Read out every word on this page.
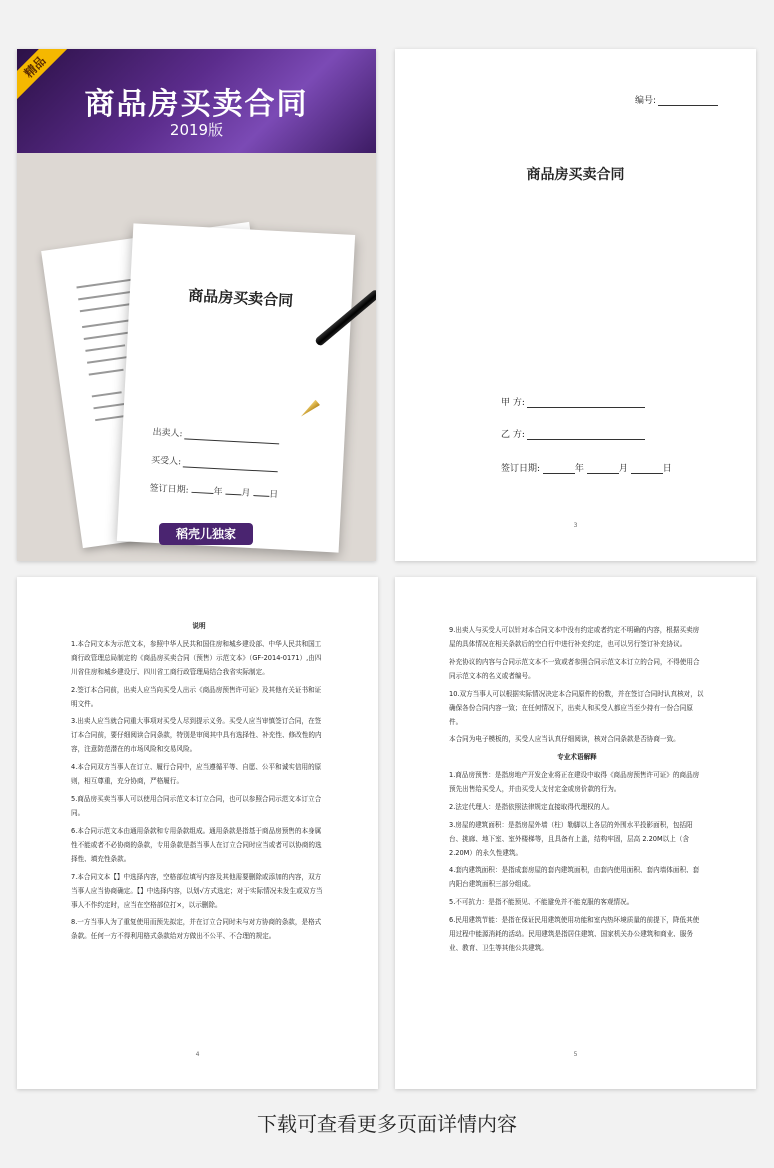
商品房买卖合同
2019版
精品
商品房买卖合同
出卖人:
买受人:
签订日期:	年 月 日
稻壳儿独家
编号:
商品房买卖合同
甲 方:
乙 方:
签订日期:	年	月	日
3

说明

1.本合同文本为示范文本，参照中华人民共和国住房和城乡建设部、中华人民共和国工商行政管理总局制定的《商品房买卖合同（预售）示范文本》（GF-2014-0171）,由四川省住房和城乡建设厅、四川省工商行政管理局结合我省实际制定。

2.签订本合同前，出卖人应当向买受人出示《商品房预售许可证》及其他有关证书和证明文件。

3.出卖人应当就合同重大事项对买受人尽到提示义务。买受人应当审慎签订合同，在签订本合同前，要仔细阅读合同条款，特别是审阅其中具有选择性、补充性、修改性的内容，注意防范潜在的市场风险和交易风险。

4.本合同双方当事人在订立、履行合同中，应当遵循平等、自愿、公平和诚实信用的原则，相互尊重，充分协商，严格履行。

5.商品房买卖当事人可以使用合同示范文本订立合同，也可以参照合同示范文本订立合同。

6.本合同示范文本由通用条款和专用条款组成。通用条款是指基于商品房预售的本身属性不能或者不必协商的条款，专用条款是指当事人在订立合同时应当或者可以协商的选择性、填充性条款。

7.本合同文本【】中选择内容，空格部位填写内容及其他需要删除或添加的内容，双方当事人应当协商确定。【】中选择内容，以划√方式选定；对于实际情况未发生或双方当事人不作约定时，应当在空格部位打×，以示删除。

8.一方当事人为了重复使用而预先拟定，并在订立合同时未与对方协商的条款，是格式条款。任何一方不得利用格式条款给对方做出不公平、不合理的规定。

4

9.出卖人与买受人可以针对本合同文本中没有约定或者约定不明确的内容，根据买卖房屋的具体情况在相关条款后的空白行中进行补充约定，也可以另行签订补充协议。

补充协议的内容与合同示范文本不一致或者参照合同示范文本订立的合同，不得使用合同示范文本的名义或者编号。

10.双方当事人可以根据实际情况决定本合同原件的份数，并在签订合同时认真核对，以确保各份合同内容一致；在任何情况下，出卖人和买受人都应当至少持有一份合同原件。

本合同为电子模板的，买受人应当认真仔细阅读，核对合同条款是否协商一致。

专业术语解释

1.商品房预售：是指房地产开发企业将正在建设中取得《商品房预售许可证》的商品房预先出售给买受人，并由买受人支付定金或房价款的行为。

2.法定代理人：是指依照法律规定直接取得代理权的人。

3.房屋的建筑面积：是指房屋外墙（柱）勒脚以上各层的外围水平投影面积，包括阳台、挑廊、地下室、室外楼梯等，且具备有上盖，结构牢固，层高 2.20M以上（含 2.20M）的永久性建筑。

4.套内建筑面积：是指成套房屋的套内建筑面积，由套内使用面积、套内墙体面积、套内阳台建筑面积三部分组成。

5.不可抗力：是指不能预见、不能避免并不能克服的客观情况。

6.民用建筑节能：是指在保证民用建筑使用功能和室内热环境质量的前提下，降低其使用过程中能源消耗的活动。民用建筑是指居住建筑、国家机关办公建筑和商业、服务业、教育、卫生等其他公共建筑。

5
下载可查看更多页面详情内容
